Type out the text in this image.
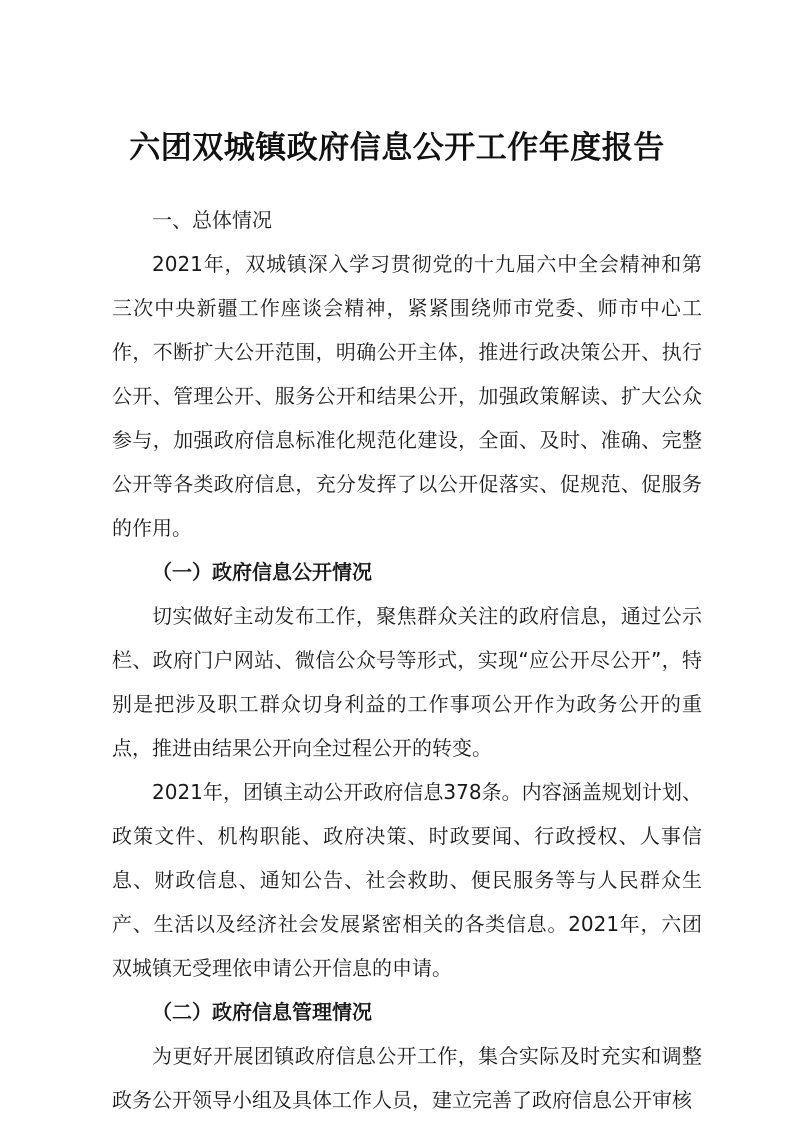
六团双城镇政府信息公开工作年度报告

一、总体情况

2021年，双城镇深入学习贯彻党的十九届六中全会精神和第三次中央新疆工作座谈会精神，紧紧围绕师市党委、师市中心工作，不断扩大公开范围，明确公开主体，推进行政决策公开、执行公开、管理公开、服务公开和结果公开，加强政策解读、扩大公众参与，加强政府信息标准化规范化建设，全面、及时、准确、完整公开等各类政府信息，充分发挥了以公开促落实、促规范、促服务的作用。

（一）政府信息公开情况

切实做好主动发布工作，聚焦群众关注的政府信息，通过公示栏、政府门户网站、微信公众号等形式，实现“应公开尽公开”，特别是把涉及职工群众切身利益的工作事项公开作为政务公开的重点，推进由结果公开向全过程公开的转变。

2021年，团镇主动公开政府信息378条。内容涵盖规划计划、政策文件、机构职能、政府决策、时政要闻、行政授权、人事信息、财政信息、通知公告、社会救助、便民服务等与人民群众生产、生活以及经济社会发展紧密相关的各类信息。2021年，六团双城镇无受理依申请公开信息的申请。

（二）政府信息管理情况

为更好开展团镇政府信息公开工作，集合实际及时充实和调整政务公开领导小组及具体工作人员，建立完善了政府信息公开审核
